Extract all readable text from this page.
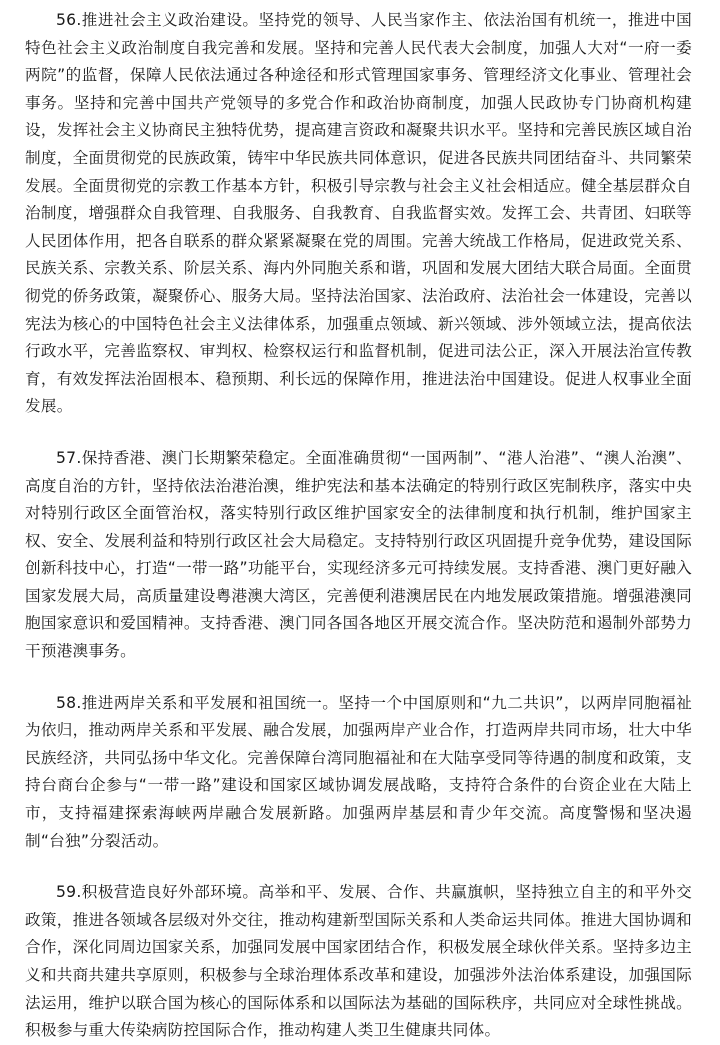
56.推进社会主义政治建设。坚持党的领导、人民当家作主、依法治国有机统一，推进中国特色社会主义政治制度自我完善和发展。坚持和完善人民代表大会制度，加强人大对“一府一委两院”的监督，保障人民依法通过各种途径和形式管理国家事务、管理经济文化事业、管理社会事务。坚持和完善中国共产党领导的多党合作和政治协商制度，加强人民政协专门协商机构建设，发挥社会主义协商民主独特优势，提高建言资政和凝聚共识水平。坚持和完善民族区域自治制度，全面贯彻党的民族政策，铸牢中华民族共同体意识，促进各民族共同团结奋斗、共同繁荣发展。全面贯彻党的宗教工作基本方针，积极引导宗教与社会主义社会相适应。健全基层群众自治制度，增强群众自我管理、自我服务、自我教育、自我监督实效。发挥工会、共青团、妇联等人民团体作用，把各自联系的群众紧紧凝聚在党的周围。完善大统战工作格局，促进政党关系、民族关系、宗教关系、阶层关系、海内外同胞关系和谐，巩固和发展大团结大联合局面。全面贯彻党的侨务政策，凝聚侨心、服务大局。坚持法治国家、法治政府、法治社会一体建设，完善以宪法为核心的中国特色社会主义法律体系，加强重点领域、新兴领域、涉外领域立法，提高依法行政水平，完善监察权、审判权、检察权运行和监督机制，促进司法公正，深入开展法治宣传教育，有效发挥法治固根本、稳预期、利长远的保障作用，推进法治中国建设。促进人权事业全面发展。

57.保持香港、澳门长期繁荣稳定。全面准确贯彻“一国两制”、“港人治港”、“澳人治澳”、高度自治的方针，坚持依法治港治澳，维护宪法和基本法确定的特别行政区宪制秩序，落实中央对特别行政区全面管治权，落实特别行政区维护国家安全的法律制度和执行机制，维护国家主权、安全、发展利益和特别行政区社会大局稳定。支持特别行政区巩固提升竞争优势，建设国际创新科技中心，打造“一带一路”功能平台，实现经济多元可持续发展。支持香港、澳门更好融入国家发展大局，高质量建设粤港澳大湾区，完善便利港澳居民在内地发展政策措施。增强港澳同胞国家意识和爱国精神。支持香港、澳门同各国各地区开展交流合作。坚决防范和遏制外部势力干预港澳事务。

58.推进两岸关系和平发展和祖国统一。坚持一个中国原则和“九二共识”，以两岸同胞福祉为依归，推动两岸关系和平发展、融合发展，加强两岸产业合作，打造两岸共同市场，壮大中华民族经济，共同弘扬中华文化。完善保障台湾同胞福祉和在大陆享受同等待遇的制度和政策，支持台商台企参与“一带一路”建设和国家区域协调发展战略，支持符合条件的台资企业在大陆上市，支持福建探索海峡两岸融合发展新路。加强两岸基层和青少年交流。高度警惕和坚决遏制“台独”分裂活动。

59.积极营造良好外部环境。高举和平、发展、合作、共赢旗帜，坚持独立自主的和平外交政策，推进各领域各层级对外交往，推动构建新型国际关系和人类命运共同体。推进大国协调和合作，深化同周边国家关系，加强同发展中国家团结合作，积极发展全球伙伴关系。坚持多边主义和共商共建共享原则，积极参与全球治理体系改革和建设，加强涉外法治体系建设，加强国际法运用，维护以联合国为核心的国际体系和以国际法为基础的国际秩序，共同应对全球性挑战。积极参与重大传染病防控国际合作，推动构建人类卫生健康共同体。
